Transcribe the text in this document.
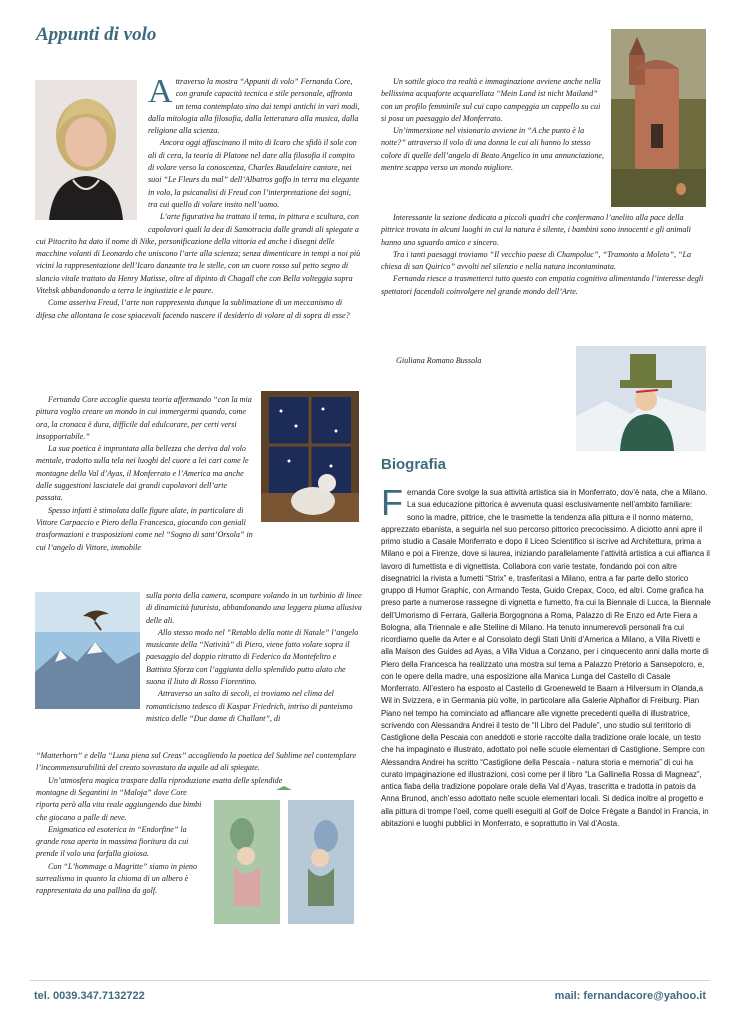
Appunti di volo

Attraverso la mostra “Appunti di volo” Fernanda Core, con grande capacità tecnica e stile personale, affronta un tema contemplato sino dai tempi antichi in vari modi, dalla mitologia alla filosofia, dalla letteratura alla musica, dalla religione alla scienza.

Ancora oggi affascinano il mito di Icaro che sfidò il sole con ali di cera, la teoria di Platone nel dare alla filosofia il compito di volare verso la conoscenza, Charles Baudelaire cantore, nei suoi “Le Fleurs du mal” dell’Albatros goffo in terra ma elegante in volo, la psicanalisi di Freud con l’interpretazione dei sogni, tra cui quello di volare insito nell’uomo.

L’arte figurativa ha trattato il tema, in pittura e scultura, con capolavori quali la dea di Samotracia dalle grandi ali spiegate a cui Pitocrito ha dato il nome di Nike, personificazione della vittoria ed anche i disegni delle macchine volanti di Leonardo che uniscono l’arte alla scienza; senza dimenticare in tempi a noi più vicini la rappresentazione dell’Icaro danzante tra le stelle, con un cuore rosso sul petto segno di slancio vitale trattato da Henry Matisse, oltre al dipinto di Chagall che con Bella volteggia sopra Vitebsk abbandonando a terra le ingiustizie e le paure.

Come asseriva Freud, l’arte non rappresenta dunque la sublimazione di un meccanismo di difesa che allontana le cose spiacevoli facendo nascere il desiderio di volare al di sopra di esse?

Fernanda Core accoglie questa teoria affermando “con la mia pittura voglio creare un mondo in cui immergermi quando, come ora, la cronaca è dura, difficile dal edulcorare, per certi versi insopportabile.”

La sua poetica è improntata alla bellezza che deriva dal volo mentale, tradotto sulla tela nei luoghi del cuore a lei cari come le montagne della Val d’Ayas, il Monferrato e l’America ma anche dalle suggestioni lasciatele dai grandi capolavori dell’arte passata.

Spesso infatti è stimolata dalle figure alate, in particolare di Vittore Carpaccio e Piero della Francesca, giocando con geniali trasformazioni e trasposizioni come nel “Sogno di sant’Orsola” in cui l’angelo di Vittore, immobile

sulla porta della camera, scompare volando in un turbinio di linee di dinamicità futurista, abbandonando una leggera piuma allusiva delle ali.

Allo stesso modo nel “Retablo della notte di Natale” l’angelo musicante della “Natività” di Piero, viene fatto volare sopra il paesaggio del doppio ritratto di Federico da Montefeltro e Battista Sforza con l’aggiunta dello splendido putto alato che suona il liuto di Rosso Fiorentino.

Attraverso un salto di secoli, ci troviamo nel clima del romanticismo tedesco di Kaspar Friedrich, intriso di panteismo mistico delle “Due dame di Challant”, di

“Matterhorn” e della “Luna piena sul Creas” accogliendo la poetica del Sublime nel contemplare l’incommensurabilità del creato sovrastato da aquile ad ali spiegate.

Un’atmosfera magica traspare dalla riproduzione esatta delle splendide

montagne di Segantini in “Maloja” dove Core riporta però alla vita reale aggiungendo due bimbi che giocano a palle di neve.

Enigmatica ed esoterica in “Endorfine” la grande rosa aperta in massima fioritura da cui prende il volo una farfalla gioiosa.

Con “L’hommage a Magritte” siamo in pieno surrealismo in quanto la chioma di un albero è rappresentata da una pallina da golf.

Un sottile gioco tra realtà e immaginazione avviene anche nella bellissima acquaforte acquarellata “Mein Land ist nicht Mailand” con un profilo femminile sul cui capo campeggia un cappello su cui si posa un paesaggio del Monferrato.

Un’immersione nel visionario avviene in “A che punto è la notte?” attraverso il volo di una donna le cui ali hanno lo stesso colore di quelle dell’angelo di Beato Angelico in una annunciazione, mentre scappa verso un mondo migliore.

Interessante la sezione dedicata a piccoli quadri che confermano l’anelito alla pace della pittrice trovata in alcuni luoghi in cui la natura è silente, i bambini sono innocenti e gli animali hanno uno sguardo amico e sincero.

Tra i tanti paesaggi troviamo “Il vecchio paese di Champoluc”, “Tramonto a Moleto”, “La chiesa di san Quirico” avvolti nel silenzio e nella natura incontaminata.

Fernanda riesce a trasmetterci tutto questo con empatia cognitiva alimentando l’interesse degli spettatori facendoli coinvolgere nel grande mondo dell’Arte.

Giuliana Romano Bussola
Biografia
Fernanda Core svolge la sua attività artistica sia in Monferrato, dov’è nata, che a Milano. La sua educazione pittorica è avvenuta quasi esclusivamente nell’ambito familiare: sono la madre, pittrice, che le trasmette la tendenza alla pittura e il nonno materno, apprezzato ebanista, a seguirla nel suo percorso pittorico precocissimo. A diciotto anni apre il primo studio a Casale Monferrato e dopo il Liceo Scientifico si iscrive ad Architettura, prima a Milano e poi a Firenze, dove si laurea, iniziando parallelamente l’attività artistica a cui affianca il lavoro di fumettista e di vignettista. Collabora con varie testate, fondando poi con altre disegnatrici la rivista a fumetti “Strix” e, trasferitasi a Milano, entra a far parte dello storico gruppo di Humor Graphic, con Armando Testa, Guido Crepax, Coco, ed altri. Come grafica ha preso parte a numerose rassegne di vignetta e fumetto, fra cui la Biennale di Lucca, la Biennale dell’Umorismo di Ferrara, Galleria Borgognona a Roma, Palazzo di Re Enzo ed Arte Fiera a Bologna, alla Triennale e alle Stelline di Milano. Ha tenuto innumerevoli personali fra cui ricordiamo quelle da Arter e al Consolato degli Stati Uniti d’America a Milano, a Villa Rivetti e alla Maison des Guides ad Ayas, a Villa Vidua a Conzano, per i cinquecento anni dalla morte di Piero della Francesca ha realizzato una mostra sul tema a Palazzo Pretorio a Sansepolcro, e, con le opere della madre, una esposizione alla Manica Lunga del Castello di Casale Monferrato. All’estero ha esposto al Castello di Groeneweld te Baarn a Hilversum in Olanda,a Wil in Svizzera, e in Germania più volte, in particolare alla Galerie Alphaflor di Freiburg. Pian Piano nel tempo ha cominciato ad affiancare alle vignette precedenti quella di illustratrice, scrivendo con Alessandra Andrei il testo de “Il Libro del Padule”, uno studio sul territorio di Castiglione della Pescaia con aneddoti e storie raccolte dalla tradizione orale locale, un testo che ha impaginato e illustrato, adottato poi nelle scuole elementari di Castiglione. Sempre con Alessandra Andrei ha scritto “Castiglione della Pescaia - natura storia e memoria” di cui ha curato impaginazione ed illustrazioni, così come per il libro “La Gallinella Rossa di Magneaz”, antica fiaba della tradizione popolare orale della Val d’Ayas, trascritta e tradotta in patois da Anna Brunod, anch’esso adottato nelle scuole elementari locali. Si dedica inoltre al progetto e alla pittura di trompe l’oeil, come quelli eseguiti al Golf de Dolce Frègate a Bandol in Francia, in abitazioni e luoghi pubblici in Monferrato, e soprattutto in Val d’Aosta.
tel. 0039.347.7132722	mail: fernandacore@yahoo.it
